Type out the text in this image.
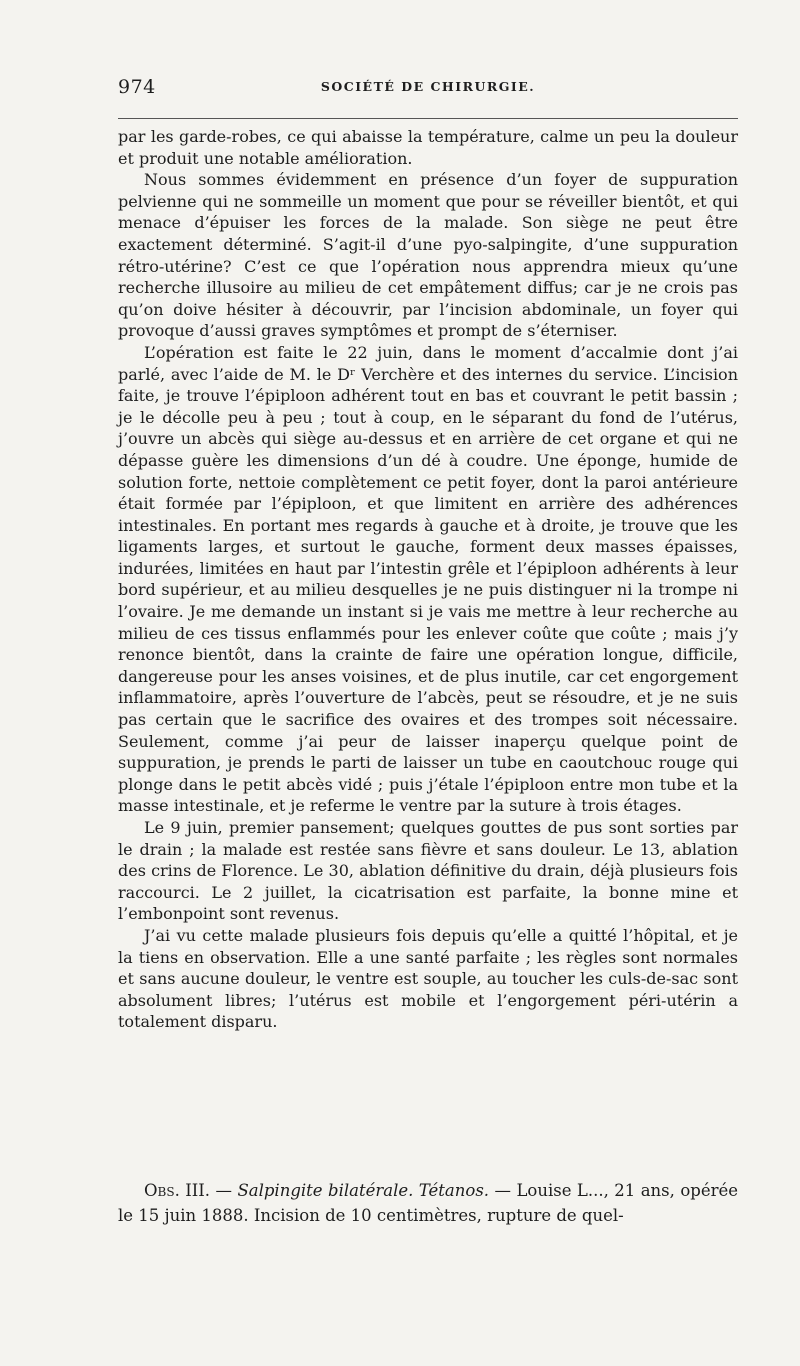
974	SOCIÉTÉ DE CHIRURGIE.

par les garde-robes, ce qui abaisse la température, calme un peu la douleur et produit une notable amélioration.

Nous sommes évidemment en présence d’un foyer de suppuration pelvienne qui ne sommeille un moment que pour se réveiller bientôt, et qui menace d’épuiser les forces de la malade. Son siège ne peut être exactement déterminé. S’agit-il d’une pyo-salpingite, d’une suppuration rétro-utérine? C’est ce que l’opération nous apprendra mieux qu’une recherche illusoire au milieu de cet empâtement diffus; car je ne crois pas qu’on doive hésiter à découvrir, par l’incision abdominale, un foyer qui provoque d’aussi graves symptômes et prompt de s’éterniser.

L’opération est faite le 22 juin, dans le moment d’accalmie dont j’ai parlé, avec l’aide de M. le Dʳ Verchère et des internes du service. L’incision faite, je trouve l’épiploon adhérent tout en bas et couvrant le petit bassin ; je le décolle peu à peu ; tout à coup, en le séparant du fond de l’utérus, j’ouvre un abcès qui siège au-dessus et en arrière de cet organe et qui ne dépasse guère les dimensions d’un dé à coudre. Une éponge, humide de solution forte, nettoie complètement ce petit foyer, dont la paroi antérieure était formée par l’épiploon, et que limitent en arrière des adhérences intestinales. En portant mes regards à gauche et à droite, je trouve que les ligaments larges, et surtout le gauche, forment deux masses épaisses, indurées, limitées en haut par l’intestin grêle et l’épiploon adhérents à leur bord supérieur, et au milieu desquelles je ne puis distinguer ni la trompe ni l’ovaire. Je me demande un instant si je vais me mettre à leur recherche au milieu de ces tissus enflammés pour les enlever coûte que coûte ; mais j’y renonce bientôt, dans la crainte de faire une opération longue, difficile, dangereuse pour les anses voisines, et de plus inutile, car cet engorgement inflammatoire, après l’ouverture de l’abcès, peut se résoudre, et je ne suis pas certain que le sacrifice des ovaires et des trompes soit nécessaire. Seulement, comme j’ai peur de laisser inaperçu quelque point de suppuration, je prends le parti de laisser un tube en caoutchouc rouge qui plonge dans le petit abcès vidé ; puis j’étale l’épiploon entre mon tube et la masse intestinale, et je referme le ventre par la suture à trois étages.

Le 9 juin, premier pansement; quelques gouttes de pus sont sorties par le drain ; la malade est restée sans fièvre et sans douleur. Le 13, ablation des crins de Florence. Le 30, ablation définitive du drain, déjà plusieurs fois raccourci. Le 2 juillet, la cicatrisation est parfaite, la bonne mine et l’embonpoint sont revenus.

J’ai vu cette malade plusieurs fois depuis qu’elle a quitté l’hôpital, et je la tiens en observation. Elle a une santé parfaite ; les règles sont normales et sans aucune douleur, le ventre est souple, au toucher les culs-de-sac sont absolument libres; l’utérus est mobile et l’engorgement péri-utérin a totalement disparu.

Obs. III. — Salpingite bilatérale. Tétanos. — Louise L..., 21 ans, opérée le 15 juin 1888. Incision de 10 centimètres, rupture de quel-
